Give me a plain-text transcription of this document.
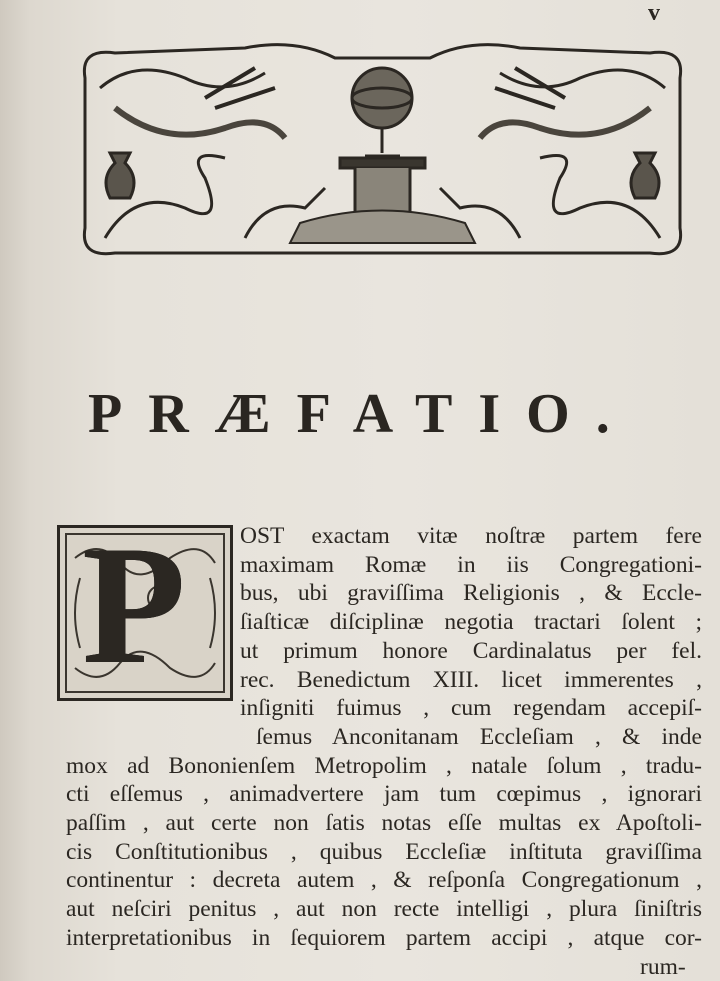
v
PRÆFATIO.
P OST exactam vitæ noſtræ partem fere
maximam Romæ in iis Congregationi-
bus, ubi graviſſima Religionis , & Eccle-
ſiaſticæ diſciplinæ negotia tractari ſolent ;
ut primum honore Cardinalatus per fel.
rec. Benedictum XIII. licet immerentes ,
inſigniti fuimus , cum regendam accepiſ-
ſemus Anconitanam Eccleſiam , & inde
mox ad Bononienſem Metropolim , natale ſolum , tradu-
cti eſſemus , animadvertere jam tum cœpimus , ignorari
paſſim , aut certe non ſatis notas eſſe multas ex Apoſtoli-
cis Conſtitutionibus , quibus Eccleſiæ inſtituta graviſſima
continentur : decreta autem , & reſponſa Congregationum ,
aut neſciri penitus , aut non recte intelligi , plura ſiniſtris
interpretationibus in ſequiorem partem accipi , atque cor-
rum-
